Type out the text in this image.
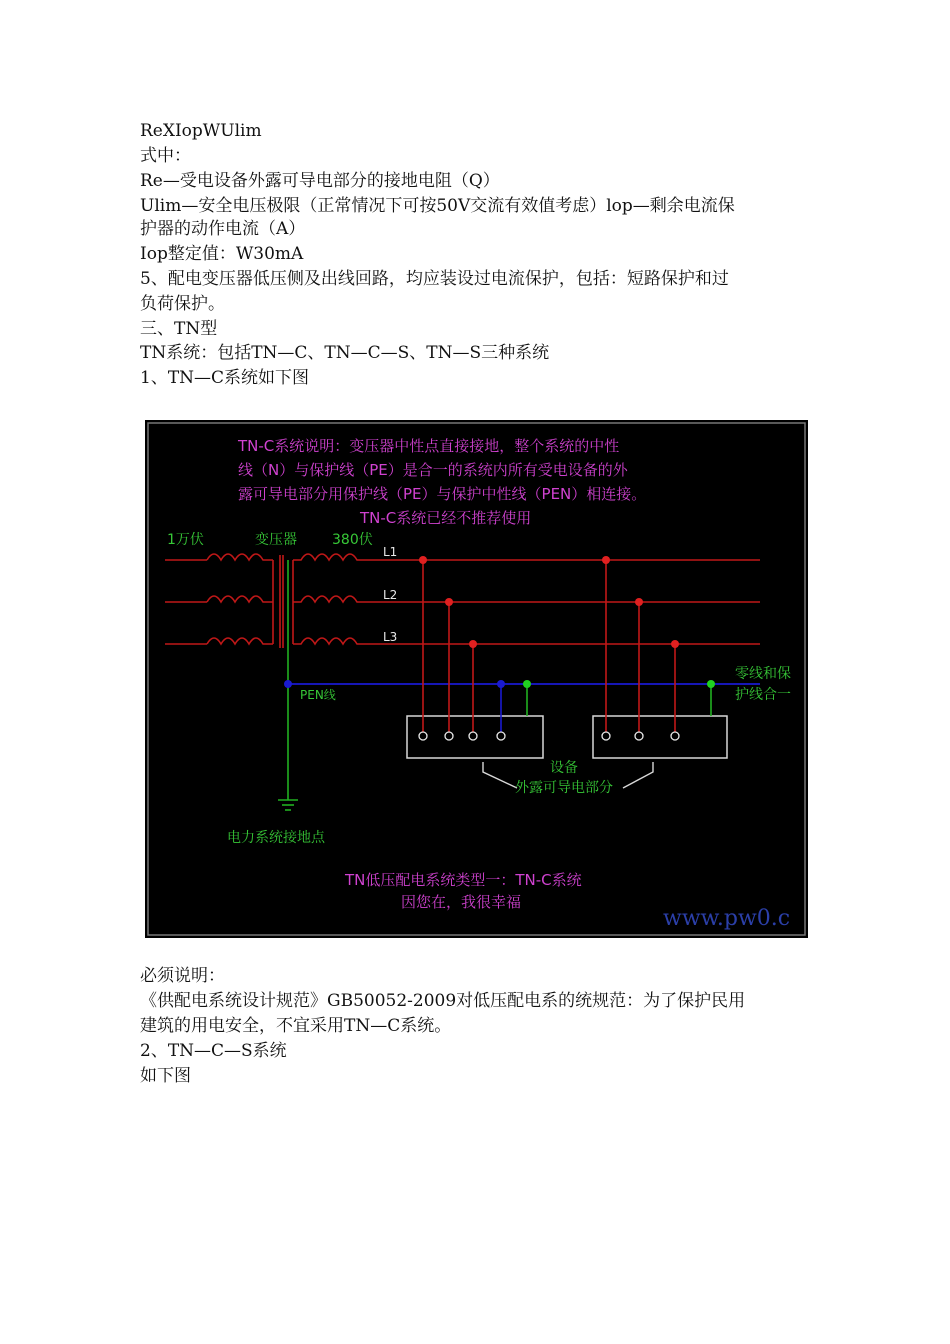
ReXIopWUlim
式中：
Re—受电设备外露可导电部分的接地电阻（Q）
Ulim—安全电压极限（正常情况下可按50V交流有效值考虑）lop—剩余电流保
护器的动作电流（A）
Iop整定值：W30mA
5、配电变压器低压侧及出线回路，均应装设过电流保护，包括：短路保护和过
负荷保护。
三、TN型
TN系统：包括TN—C、TN—C—S、TN—S三种系统
1、TN—C系统如下图
TN-C系统说明：变压器中性点直接接地，整个系统的中性
线（N）与保护线（PE）是合一的系统内所有受电设备的外
露可导电部分用保护线（PE）与保护中性线（PEN）相连接。
TN-C系统已经不推荐使用
1万伏	变压器	380伏
L1
L2
L3
PEN线
零线和保
护线合一
设备
外露可导电部分
电力系统接地点
TN低压配电系统类型一：TN-C系统
因您在，我很幸福
www.pw0.c
必须说明：
《供配电系统设计规范》GB50052-2009对低压配电系的统规范：为了保护民用
建筑的用电安全，不宜采用TN—C系统。
2、TN—C—S系统
如下图
